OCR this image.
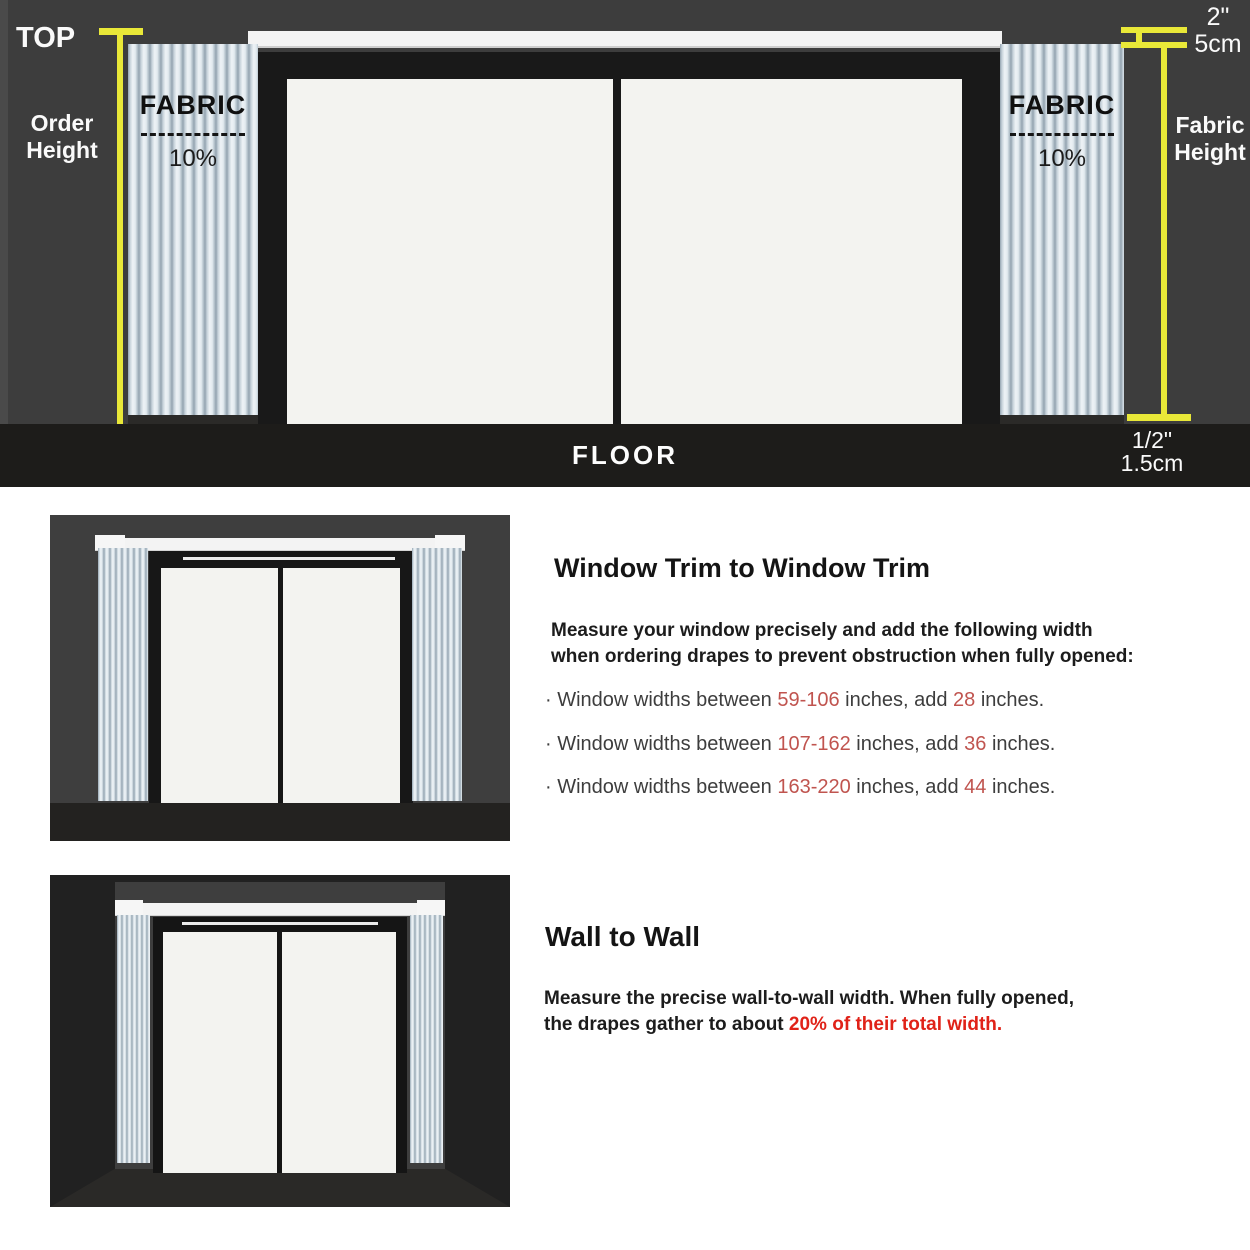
FLOOR
FABRIC
10%
FABRIC
10%
TOP
Order Height
2"
5cm
Fabric Height
1/2"
1.5cm
Window Trim to Window Trim
Measure your window precisely and add the following width
when ordering drapes to prevent obstruction when fully opened:
· Window widths between 59-106 inches, add 28 inches.
· Window widths between 107-162 inches, add 36 inches.
· Window widths between 163-220 inches, add 44 inches.
Wall to Wall
Measure the precise wall-to-wall width. When fully opened,
the drapes gather to about 20% of their total width.
